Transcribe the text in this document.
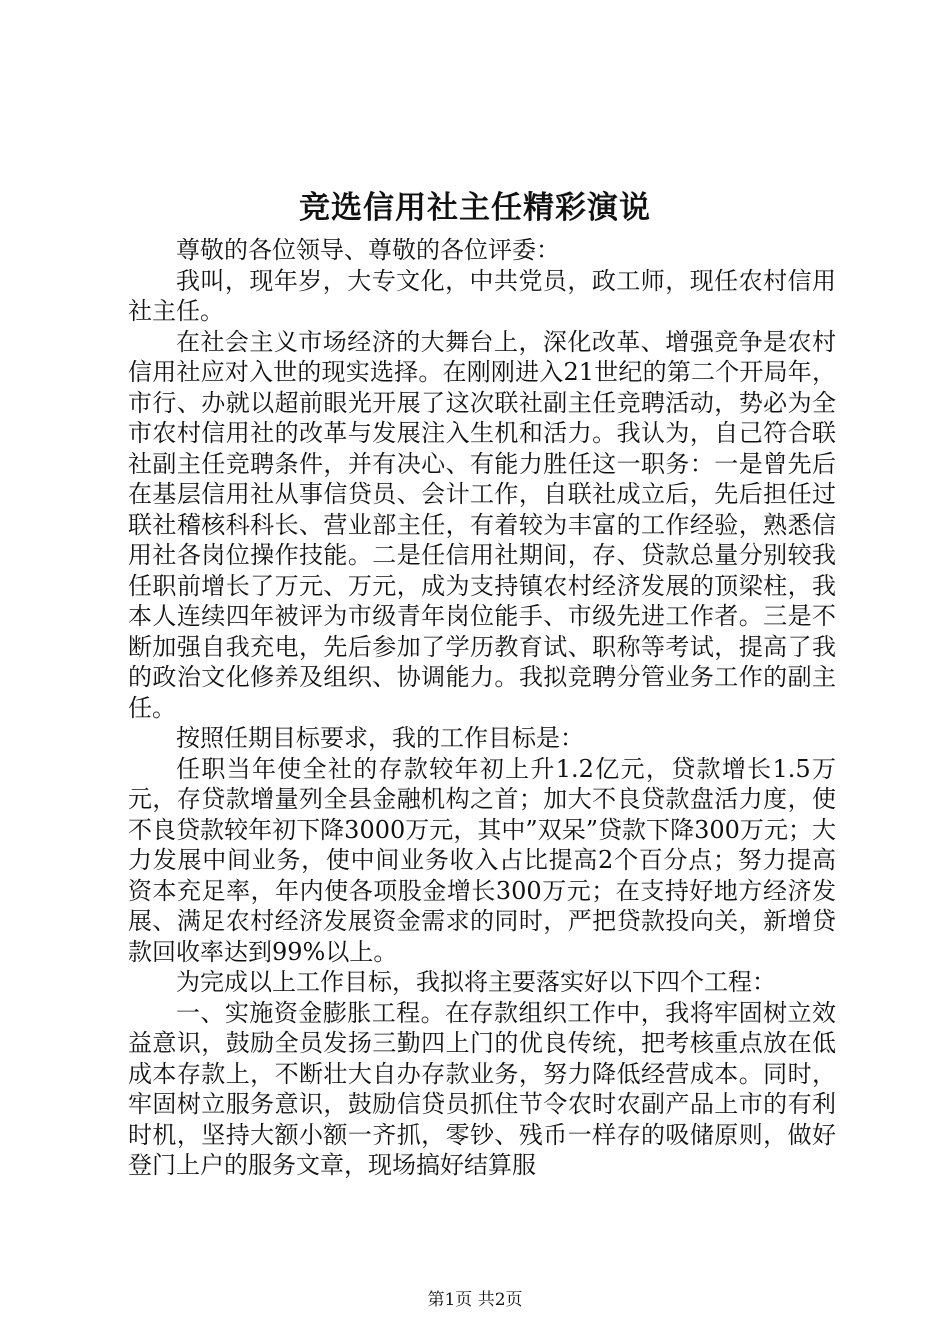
竞选信用社主任精彩演说

尊敬的各位领导、尊敬的各位评委：

我叫，现年岁，大专文化，中共党员，政工师，现任农村信用社主任。

在社会主义市场经济的大舞台上，深化改革、增强竞争是农村信用社应对入世的现实选择。在刚刚进入21世纪的第二个开局年，市行、办就以超前眼光开展了这次联社副主任竞聘活动，势必为全市农村信用社的改革与发展注入生机和活力。我认为，自己符合联社副主任竞聘条件，并有决心、有能力胜任这一职务：一是曾先后在基层信用社从事信贷员、会计工作，自联社成立后，先后担任过联社稽核科科长、营业部主任，有着较为丰富的工作经验，熟悉信用社各岗位操作技能。二是任信用社期间，存、贷款总量分别较我任职前增长了万元、万元，成为支持镇农村经济发展的顶梁柱，我本人连续四年被评为市级青年岗位能手、市级先进工作者。三是不断加强自我充电，先后参加了学历教育试、职称等考试，提高了我的政治文化修养及组织、协调能力。我拟竞聘分管业务工作的副主任。

按照任期目标要求，我的工作目标是：

任职当年使全社的存款较年初上升1.2亿元，贷款增长1.5万元，存贷款增量列全县金融机构之首；加大不良贷款盘活力度，使不良贷款较年初下降3000万元，其中”双呆”贷款下降300万元；大力发展中间业务，使中间业务收入占比提高2个百分点；努力提高资本充足率，年内使各项股金增长300万元；在支持好地方经济发展、满足农村经济发展资金需求的同时，严把贷款投向关，新增贷款回收率达到99%以上。

为完成以上工作目标，我拟将主要落实好以下四个工程：

一、实施资金膨胀工程。在存款组织工作中，我将牢固树立效益意识，鼓励全员发扬三勤四上门的优良传统，把考核重点放在低成本存款上，不断壮大自办存款业务，努力降低经营成本。同时，牢固树立服务意识，鼓励信贷员抓住节令农时农副产品上市的有利时机，坚持大额小额一齐抓，零钞、残币一样存的吸储原则，做好登门上户的服务文章，现场搞好结算服

第1页 共2页
